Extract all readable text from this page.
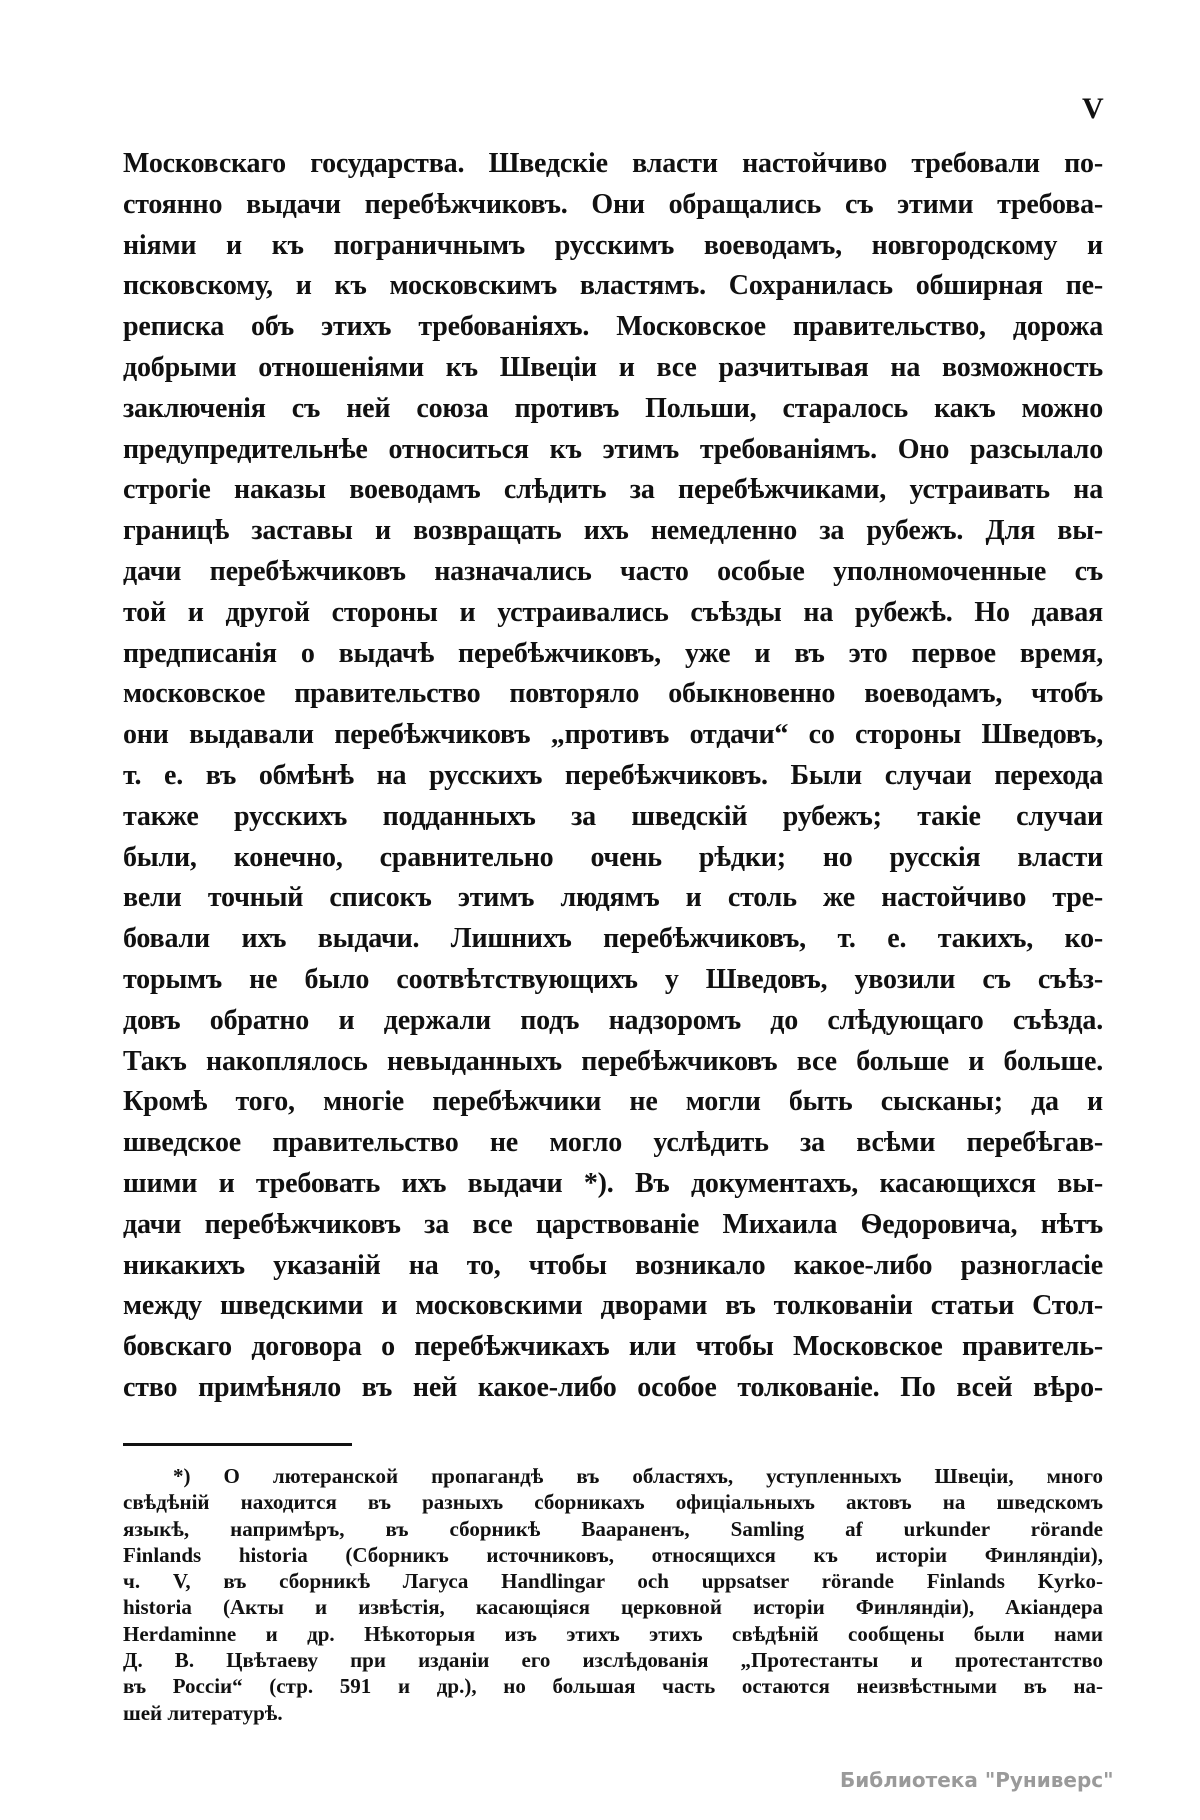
V
Московскаго государства. Шведскіе власти настойчиво требовали по-
стоянно выдачи перебѣжчиковъ. Они обращались съ этими требова-
ніями и къ пограничнымъ русскимъ воеводамъ, новгородскому и
псковскому, и къ московскимъ властямъ. Сохранилась обширная пе-
реписка объ этихъ требованіяхъ. Московское правительство, дорожа
добрыми отношеніями къ Швеціи и все разчитывая на возможность
заключенія съ ней союза противъ Польши, старалось какъ можно
предупредительнѣе относиться къ этимъ требованіямъ. Оно разсылало
строгіе наказы воеводамъ слѣдить за перебѣжчиками, устраивать на
границѣ заставы и возвращать ихъ немедленно за рубежъ. Для вы-
дачи перебѣжчиковъ назначались часто особые уполномоченные съ
той и другой стороны и устраивались съѣзды на рубежѣ. Но давая
предписанія о выдачѣ перебѣжчиковъ, уже и въ это первое время,
московское правительство повторяло обыкновенно воеводамъ, чтобъ
они выдавали перебѣжчиковъ „противъ отдачи“ со стороны Шведовъ,
т. е. въ обмѣнѣ на русскихъ перебѣжчиковъ. Были случаи перехода
также русскихъ подданныхъ за шведскій рубежъ; такіе случаи
были, конечно, сравнительно очень рѣдки; но русскія власти
вели точный списокъ этимъ людямъ и столь же настойчиво тре-
бовали ихъ выдачи. Лишнихъ перебѣжчиковъ, т. е. такихъ, ко-
торымъ не было соотвѣтствующихъ у Шведовъ, увозили съ съѣз-
довъ обратно и держали подъ надзоромъ до слѣдующаго съѣзда.
Такъ накоплялось невыданныхъ перебѣжчиковъ все больше и больше.
Кромѣ того, многіе перебѣжчики не могли быть сысканы; да и
шведское правительство не могло услѣдить за всѣми перебѣгав-
шими и требовать ихъ выдачи *). Въ документахъ, касающихся вы-
дачи перебѣжчиковъ за все царствованіе Михаила Ѳедоровича, нѣтъ
никакихъ указаній на то, чтобы возникало какое-либо разногласіе
между шведскими и московскими дворами въ толкованіи статьи Стол-
бовскаго договора о перебѣжчикахъ или чтобы Московское правитель-
ство примѣняло въ ней какое-либо особое толкованіе. По всей вѣро-
*) О лютеранской пропагандѣ въ областяхъ, уступленныхъ Швеціи, много
свѣдѣній находится въ разныхъ сборникахъ офиціальныхъ актовъ на шведскомъ
языкѣ, напримѣръ, въ сборникѣ Ваараненъ, Samling af urkunder rörande
Finlands historia (Сборникъ источниковъ, относящихся къ исторіи Финляндіи),
ч. V, въ сборникѣ Лагуса Handlingar och uppsatser rörande Finlands Kyrko-
historia (Акты и извѣстія, касающіяся церковной исторіи Финляндіи), Акіандера
Herdaminne и др. Нѣкоторыя изъ этихъ этихъ свѣдѣній сообщены были нами
Д. В. Цвѣтаеву при изданіи его изслѣдованія „Протестанты и протестантство
въ Россіи“ (стр. 591 и др.), но большая часть остаются неизвѣстными въ на-
шей литературѣ.
Библиотека "Руниверс"
